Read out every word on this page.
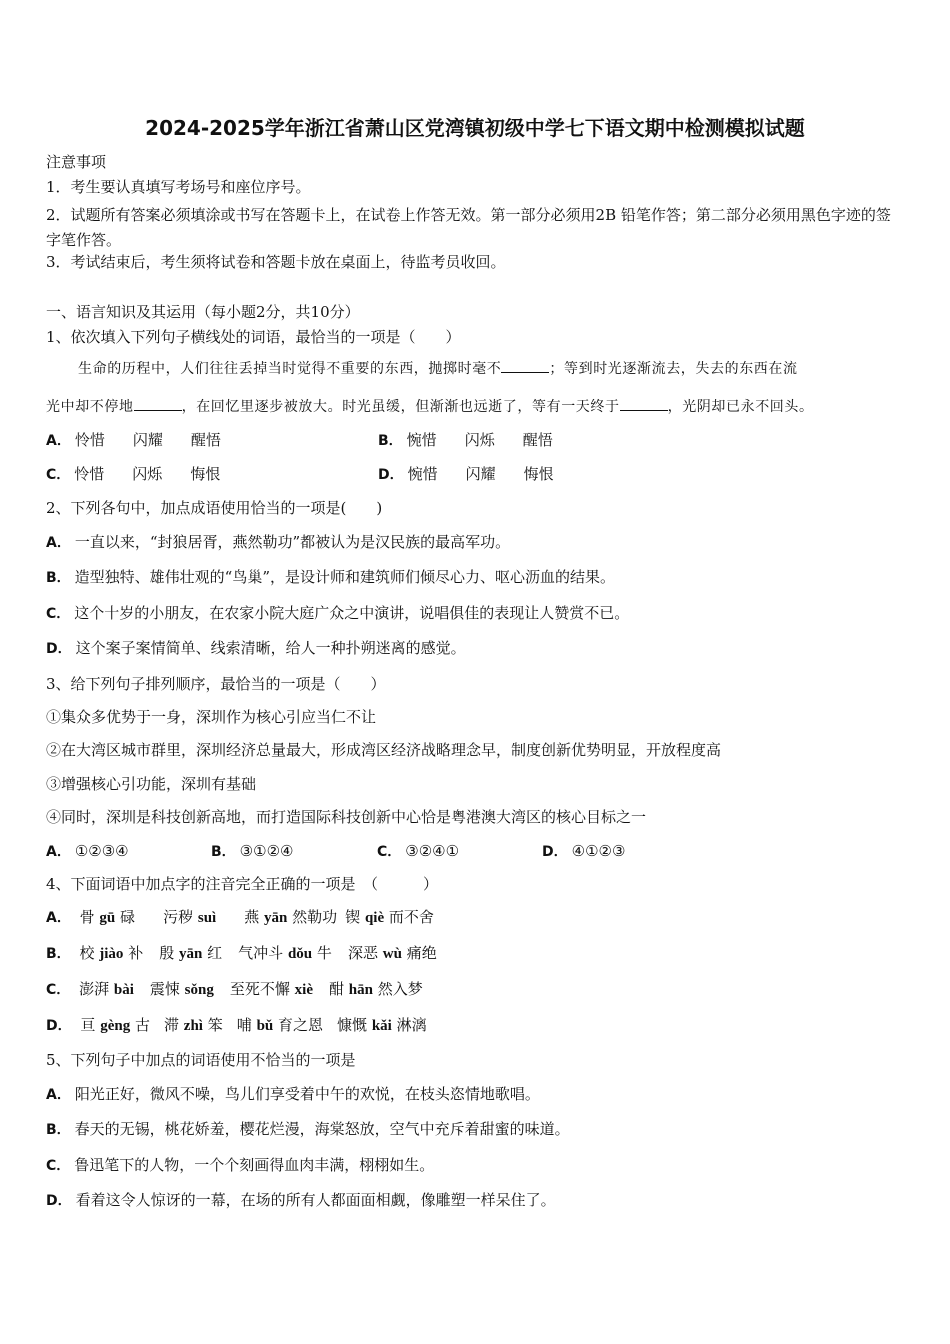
2024-2025学年浙江省萧山区党湾镇初级中学七下语文期中检测模拟试题
注意事项
1．考生要认真填写考场号和座位序号。
2．试题所有答案必须填涂或书写在答题卡上，在试卷上作答无效。第一部分必须用2B 铅笔作答；第二部分必须用黑色字迹的签字笔作答。
3．考试结束后，考生须将试卷和答题卡放在桌面上，待监考员收回。
一、语言知识及其运用（每小题2分，共10分）
1、依次填入下列句子横线处的词语，最恰当的一项是（　　）
生命的历程中，人们往往丢掉当时觉得不重要的东西，抛掷时毫不	；等到时光逐渐流去，失去的东西在流
光中却不停地	，在回忆里逐步被放大。时光虽缓，但渐渐也远逝了，等有一天终于	，光阴却已永不回头。
A． 怜惜 闪耀 醒悟	B． 惋惜 闪烁 醒悟
C． 怜惜 闪烁 悔恨	D． 惋惜 闪耀 悔恨
2、下列各句中，加点成语使用恰当的一项是(　　)
A． 一直以来，“封狼居胥，燕然勒功”都被认为是汉民族的最高军功。
B． 造型独特、雄伟壮观的“鸟巢”，是设计师和建筑师们倾尽心力、呕心沥血的结果。
C． 这个十岁的小朋友，在农家小院大庭广众之中演讲，说唱俱佳的表现让人赞赏不已。
D． 这个案子案情简单、线索清晰，给人一种扑朔迷离的感觉。
3、给下列句子排列顺序，最恰当的一项是（　　）
①集众多优势于一身，深圳作为核心引应当仁不让
②在大湾区城市群里，深圳经济总量最大，形成湾区经济战略理念早，制度创新优势明显，开放程度高
③增强核心引功能，深圳有基础
④同时，深圳是科技创新高地，而打造国际科技创新中心恰是粤港澳大湾区的核心目标之一
A． ①②③④	B． ③①②④	C． ③②④①	D． ④①②③
4、下面词语中加点字的注音完全正确的一项是　（　　　）
A． 骨 gū 碌 污秽 suì 燕 yān 然勒功 锲 qiè 而不舍
B． 校 jiào 补 殷 yān 红 气冲斗 dǒu 牛 深恶 wù 痛绝
C． 澎湃 bài 震悚 sǒng 至死不懈 xiè 酣 hān 然入梦
D． 亘 gèng 古 滞 zhì 笨 哺 bǔ 育之恩 慷慨 kǎi 淋漓
5、下列句子中加点的词语使用不恰当的一项是
A． 阳光正好，微风不噪，鸟儿们享受着中午的欢悦，在枝头恣情地歌唱。
B． 春天的无锡，桃花娇羞，樱花烂漫，海棠怒放，空气中充斥着甜蜜的味道。
C． 鲁迅笔下的人物，一个个刻画得血肉丰满，栩栩如生。
D． 看着这令人惊讶的一幕，在场的所有人都面面相觑，像雕塑一样呆住了。
